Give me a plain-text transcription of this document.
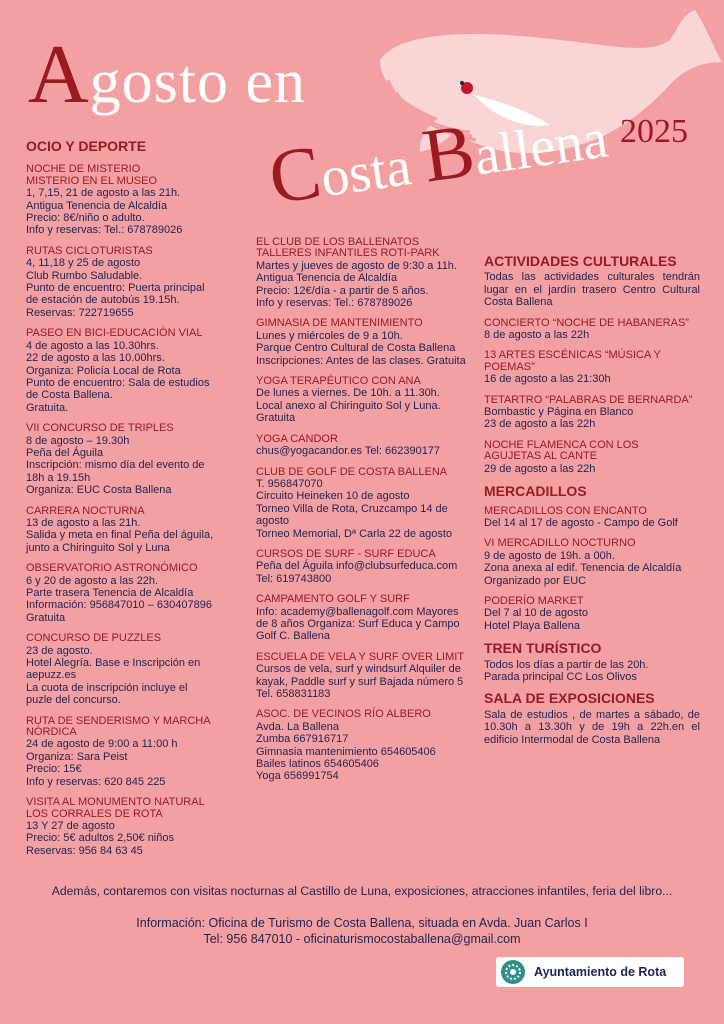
Agosto en
2025
Costa Ballena
OCIO Y DEPORTE
NOCHE DE MISTERIO
MISTERIO EN EL MUSEO
1, 7,15, 21 de agosto a las 21h.
Antigua Tenencia de Alcaldía
Precio: 8€/niño o adulto.
Info y reservas: Tel.: 678789026
RUTAS CICLOTURISTAS
4, 11,18 y 25 de agosto
Club Rumbo Saludable.
Punto de encuentro: Puerta principal
de estación de autobús 19.15h.
Reservas: 722719655
PASEO EN BICI-EDUCACIÓN VIAL
4 de agosto a las 10.30hrs.
22 de agosto a las 10.00hrs.
Organiza: Policía Local de Rota
Punto de encuentro: Sala de estudios
de Costa Ballena.
Gratuita.
VII CONCURSO DE TRIPLES
8 de agosto – 19.30h
Peña del Águila
Inscripción: mismo día del evento de
18h a 19.15h
Organiza: EUC Costa Ballena
CARRERA NOCTURNA
13 de agosto a las 21h.
Salida y meta en final Peña del águila,
junto a Chiringuito Sol y Luna
OBSERVATORIO ASTRONÓMICO
6 y 20 de agosto a las 22h.
Parte trasera Tenencia de Alcaldía
Información: 956847010 – 630407896
Gratuita
CONCURSO DE PUZZLES
23 de agosto.
Hotel Alegría. Base e Inscripción en
aepuzz.es
La cuota de inscripción incluye el
puzle del concurso.
RUTA DE SENDERISMO Y MARCHA
NÓRDICA
24 de agosto de 9:00 a 11:00 h
Organiza: Sara Peist
Precio: 15€
Info y reservas: 620 845 225
VISITA AL MONUMENTO NATURAL
LOS CORRALES DE ROTA
13 Y 27 de agosto
Precio: 5€ adultos 2,50€ niños
Reservas: 956 84 63 45
EL CLUB DE LOS BALLENATOS
TALLERES INFANTILES ROTI-PARK
Martes y jueves de agosto de 9:30 a 11h.
Antigua Tenencia de Alcaldía
Precio: 12€/día - a partir de 5 años.
Info y reservas: Tel.: 678789026
GIMNASIA DE MANTENIMIENTO
Lunes y miércoles de 9 a 10h.
Parque Centro Cultural de Costa Ballena
Inscripciones: Antes de las clases. Gratuita
YOGA TERAPÉUTICO CON ANA
De lunes a viernes. De 10h. a 11.30h.
Local anexo al Chiringuito Sol y Luna.
Gratuita
YOGA CANDOR
chus@yogacandor.es Tel: 662390177
CLUB DE GOLF DE COSTA BALLENA
T. 956847070
Circuito Heineken 10 de agosto
Torneo Villa de Rota, Cruzcampo 14 de
agosto
Torneo Memorial, Dª Carla 22 de agosto
CURSOS DE SURF - SURF EDUCA
Peña del Águila info@clubsurfeduca.com
Tel: 619743800
CAMPAMENTO GOLF Y SURF
Info: academy@ballenagolf.com Mayores
de 8 años Organiza: Surf Educa y Campo
Golf C. Ballena
ESCUELA DE VELA Y SURF OVER LIMIT
Cursos de vela, surf y windsurf Alquiler de
kayak, Paddle surf y surf Bajada número 5
Tel. 658831183
ASOC. DE VECINOS RÍO ALBERO
Avda. La Ballena
Zumba 667916717
Gimnasia mantenimiento 654605406
Bailes latinos 654605406
Yoga 656991754
ACTIVIDADES CULTURALES
Todas las actividades culturales tendrán lugar en el jardín trasero Centro Cultural Costa Ballena
CONCIERTO “NOCHE DE HABANERAS”
8 de agosto a las 22h
13 ARTES ESCÉNICAS “MÚSICA Y
POEMAS”
16 de agosto a las 21:30h
TETARTRO “PALABRAS DE BERNARDA”
Bombastic y Página en Blanco
23 de agosto a las 22h
NOCHE FLAMENCA CON LOS
AGUJETAS AL CANTE
29 de agosto a las 22h
MERCADILLOS
MERCADILLOS CON ENCANTO
Del 14 al 17 de agosto - Campo de Golf
VI MERCADILLO NOCTURNO
9 de agosto de 19h. a 00h.
Zona anexa al edif. Tenencia de Alcaldía
Organizado por EUC
PODERÍO MARKET
Del 7 al 10 de agosto
Hotel Playa Ballena
TREN TURÍSTICO
Todos los días a partir de las 20h.
Parada principal CC Los Olivos
SALA DE EXPOSICIONES
Sala de estudios , de martes a sábado, de 10.30h a 13.30h y de 19h a 22h.en el edificio Intermodal de Costa Ballena
Además, contaremos con visitas nocturnas al Castillo de Luna, exposiciones, atracciones infantiles, feria del libro...
Información: Oficina de Turismo de Costa Ballena, situada en Avda. Juan Carlos I
Tel: 956 847010 - oficinaturismocostaballena@gmail.com
Ayuntamiento de Rota
